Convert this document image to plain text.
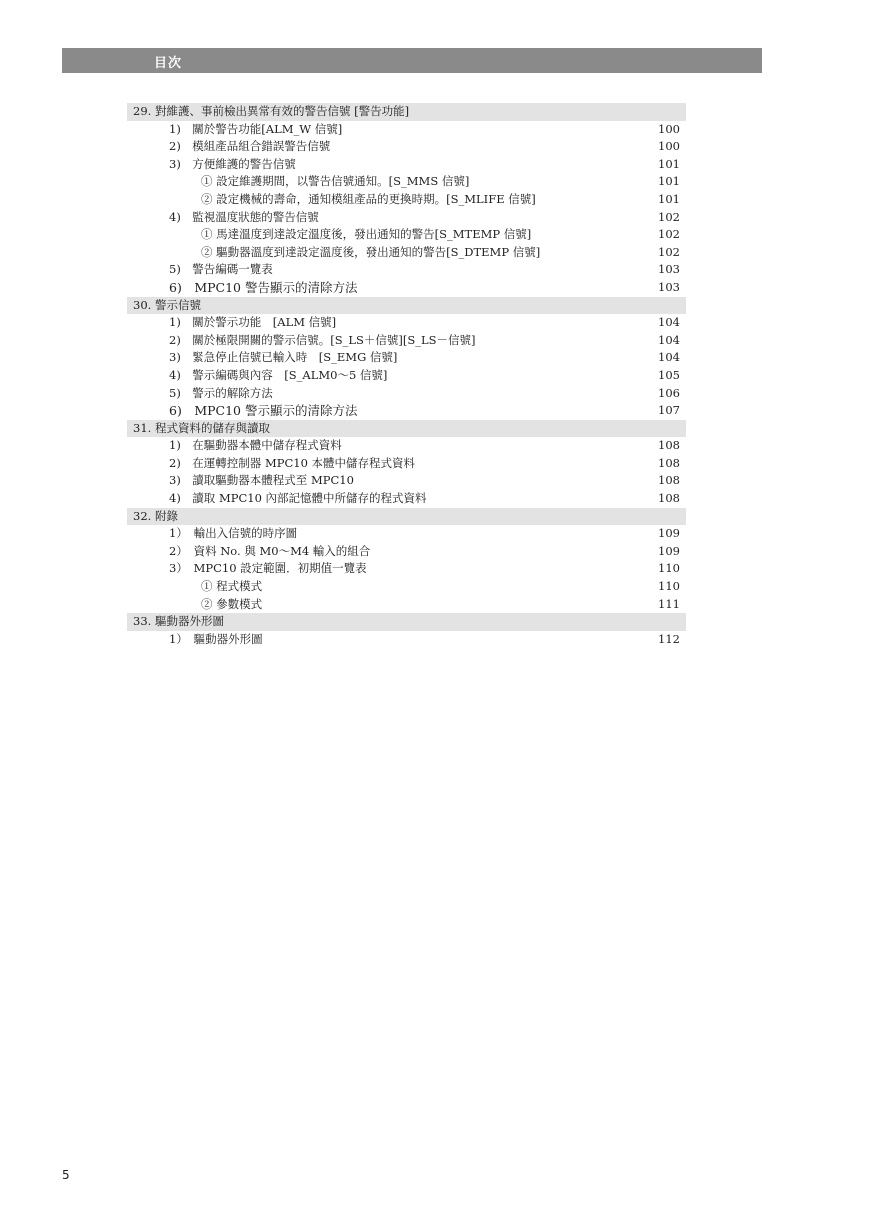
目次
29. 對維護、事前檢出異常有效的警告信號 [警告功能]
1)　關於警告功能[ALM_W 信號]	100
2)　模組產品組合錯誤警告信號	100
3)　方便維護的警告信號	101
① 設定維護期間，以警告信號通知。[S_MMS 信號]	101
② 設定機械的壽命，通知模組產品的更換時期。[S_MLIFE 信號]	101
4)　監視溫度狀態的警告信號	102
① 馬達溫度到達設定溫度後，發出通知的警告[S_MTEMP 信號]	102
② 驅動器溫度到達設定溫度後，發出通知的警告[S_DTEMP 信號]	102
5)　警告編碼一覽表	103
6)　MPC10 警告顯示的清除方法	103
30. 警示信號
1)　關於警示功能　[ALM 信號]	104
2)　關於極限開關的警示信號。[S_LS＋信號][S_LS－信號]	104
3)　緊急停止信號已輸入時　[S_EMG 信號]	104
4)　警示編碼與內容　[S_ALM0～5 信號]	105
5)　警示的解除方法	106
6)　MPC10 警示顯示的清除方法	107
31. 程式資料的儲存與讀取
1)　在驅動器本體中儲存程式資料	108
2)　在運轉控制器 MPC10 本體中儲存程式資料	108
3)　讀取驅動器本體程式至 MPC10	108
4)　讀取 MPC10 內部記憶體中所儲存的程式資料	108
32. 附錄
1）　輸出入信號的時序圖	109
2）　資料 No. 與 M0～M4 輸入的組合	109
3）　MPC10 設定範圍．初期值一覽表	110
① 程式模式	110
② 參數模式	111
33. 驅動器外形圖
1）　驅動器外形圖	112
5
